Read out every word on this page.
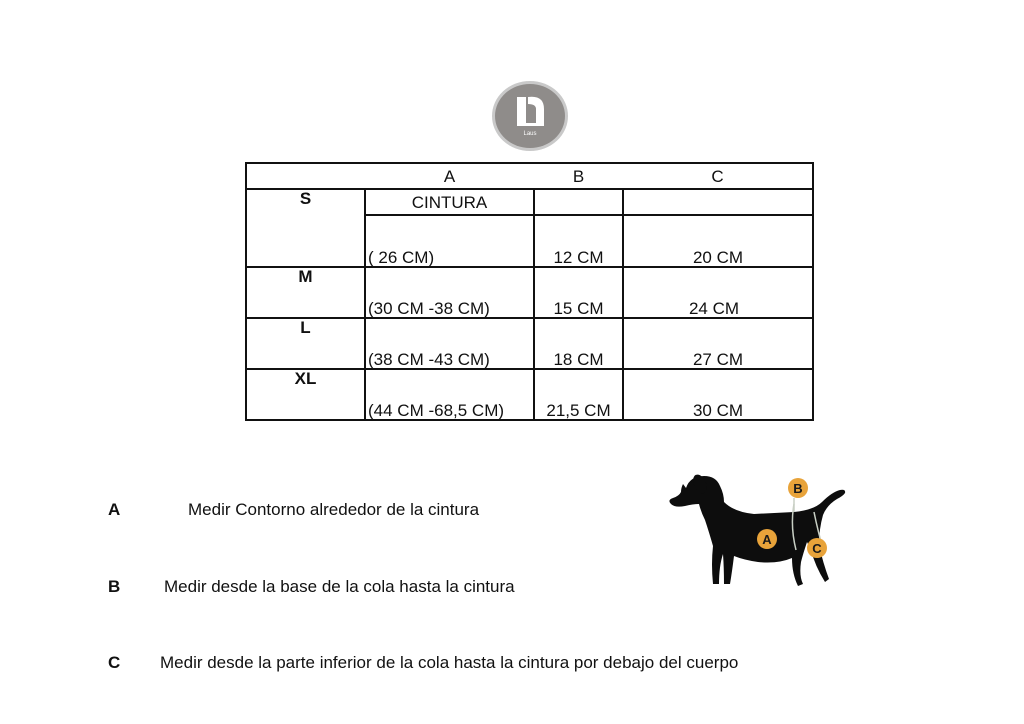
Laus
	A	B	C
S	CINTURA		
	( 26 CM)	12 CM	20 CM
M	(30 CM -38 CM)	15 CM	24 CM
L	(38 CM -43 CM)	18 CM	27 CM
XL	(44 CM -68,5 CM)	21,5 CM	30 CM
A	Medir Contorno alrededor de la cintura
B	Medir desde la base de la cola hasta la cintura
C Medir desde la parte inferior de la cola hasta la cintura por debajo del cuerpo
A
B
C
